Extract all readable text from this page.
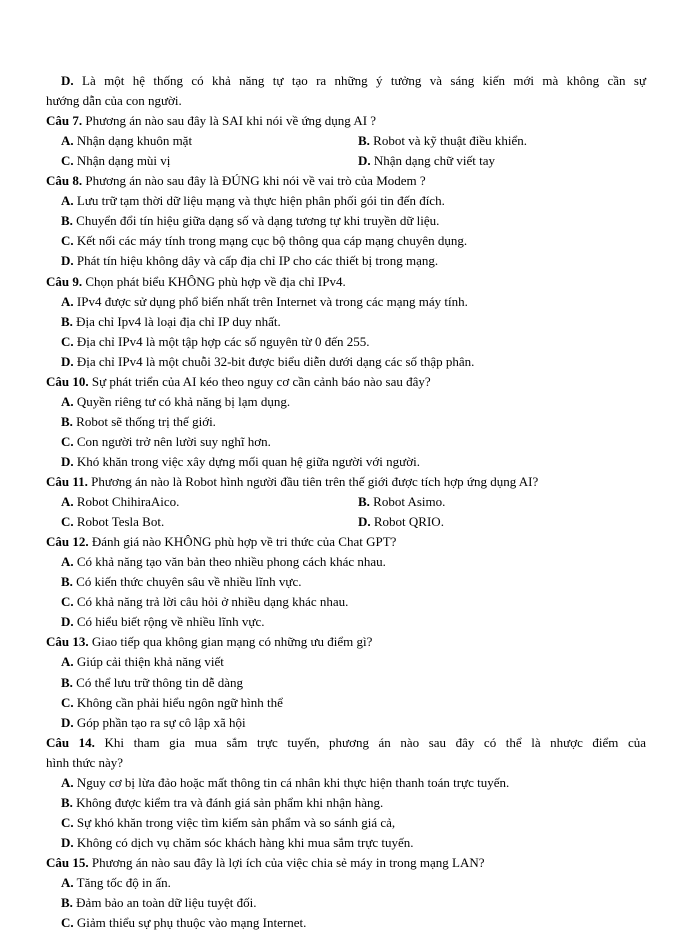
D. Là một hệ thống có khả năng tự tạo ra những ý tưởng và sáng kiến mới mà không cần sự
hướng dẫn của con người.
Câu 7. Phương án nào sau đây là SAI khi nói về ứng dụng AI ?
A. Nhận dạng khuôn mặt	B. Robot và kỹ thuật điều khiển.
C. Nhận dạng mùi vị	D. Nhận dạng chữ viết tay
Câu 8. Phương án nào sau đây là ĐÚNG khi nói về vai trò của Modem ?
A. Lưu trữ tạm thời dữ liệu mạng và thực hiện phân phối gói tin đến đích.
B. Chuyển đổi tín hiệu giữa dạng số và dạng tương tự khi truyền dữ liệu.
C. Kết nối các máy tính trong mạng cục bộ thông qua cáp mạng chuyên dụng.
D. Phát tín hiệu không dây và cấp địa chỉ IP cho các thiết bị trong mạng.
Câu 9. Chọn phát biểu KHÔNG phù hợp về địa chỉ IPv4.
A. IPv4 được sử dụng phổ biến nhất trên Internet và trong các mạng máy tính.
B. Địa chỉ Ipv4 là loại địa chỉ IP duy nhất.
C. Địa chỉ IPv4 là một tập hợp các số nguyên từ 0 đến 255.
D. Địa chỉ IPv4 là một chuỗi 32-bit được biểu diễn dưới dạng các số thập phân.
Câu 10. Sự phát triển của AI kéo theo nguy cơ cần cảnh báo nào sau đây?
A. Quyền riêng tư có khả năng bị lạm dụng.
B. Robot sẽ thống trị thế giới.
C. Con người trở nên lười suy nghĩ hơn.
D. Khó khăn trong việc xây dựng mối quan hệ giữa người với người.
Câu 11. Phương án nào là Robot hình người đầu tiên trên thế giới được tích hợp ứng dụng AI?
A. Robot ChihiraAico.	B. Robot Asimo.
C. Robot Tesla Bot.	D. Robot QRIO.
Câu 12. Đánh giá nào KHÔNG phù hợp về tri thức của Chat GPT?
A. Có khả năng tạo văn bản theo nhiều phong cách khác nhau.
B. Có kiến thức chuyên sâu về nhiều lĩnh vực.
C. Có khả năng trả lời câu hỏi ở nhiều dạng khác nhau.
D. Có hiểu biết rộng về nhiều lĩnh vực.
Câu 13. Giao tiếp qua không gian mạng có những ưu điểm gì?
A. Giúp cải thiện khả năng viết
B. Có thể lưu trữ thông tin dễ dàng
C. Không cần phải hiểu ngôn ngữ hình thể
D. Góp phần tạo ra sự cô lập xã hội
Câu 14. Khi tham gia mua sắm trực tuyến, phương án nào sau đây có thể là nhược điểm của
hình thức này?
A. Nguy cơ bị lừa đảo hoặc mất thông tin cá nhân khi thực hiện thanh toán trực tuyến.
B. Không được kiểm tra và đánh giá sản phẩm khi nhận hàng.
C. Sự khó khăn trong việc tìm kiếm sản phẩm và so sánh giá cả,
D. Không có dịch vụ chăm sóc khách hàng khi mua sắm trực tuyến.
Câu 15. Phương án nào sau đây là lợi ích của việc chia sẻ máy in trong mạng LAN?
A. Tăng tốc độ in ấn.
B. Đảm bảo an toàn dữ liệu tuyệt đối.
C. Giảm thiểu sự phụ thuộc vào mạng Internet.
